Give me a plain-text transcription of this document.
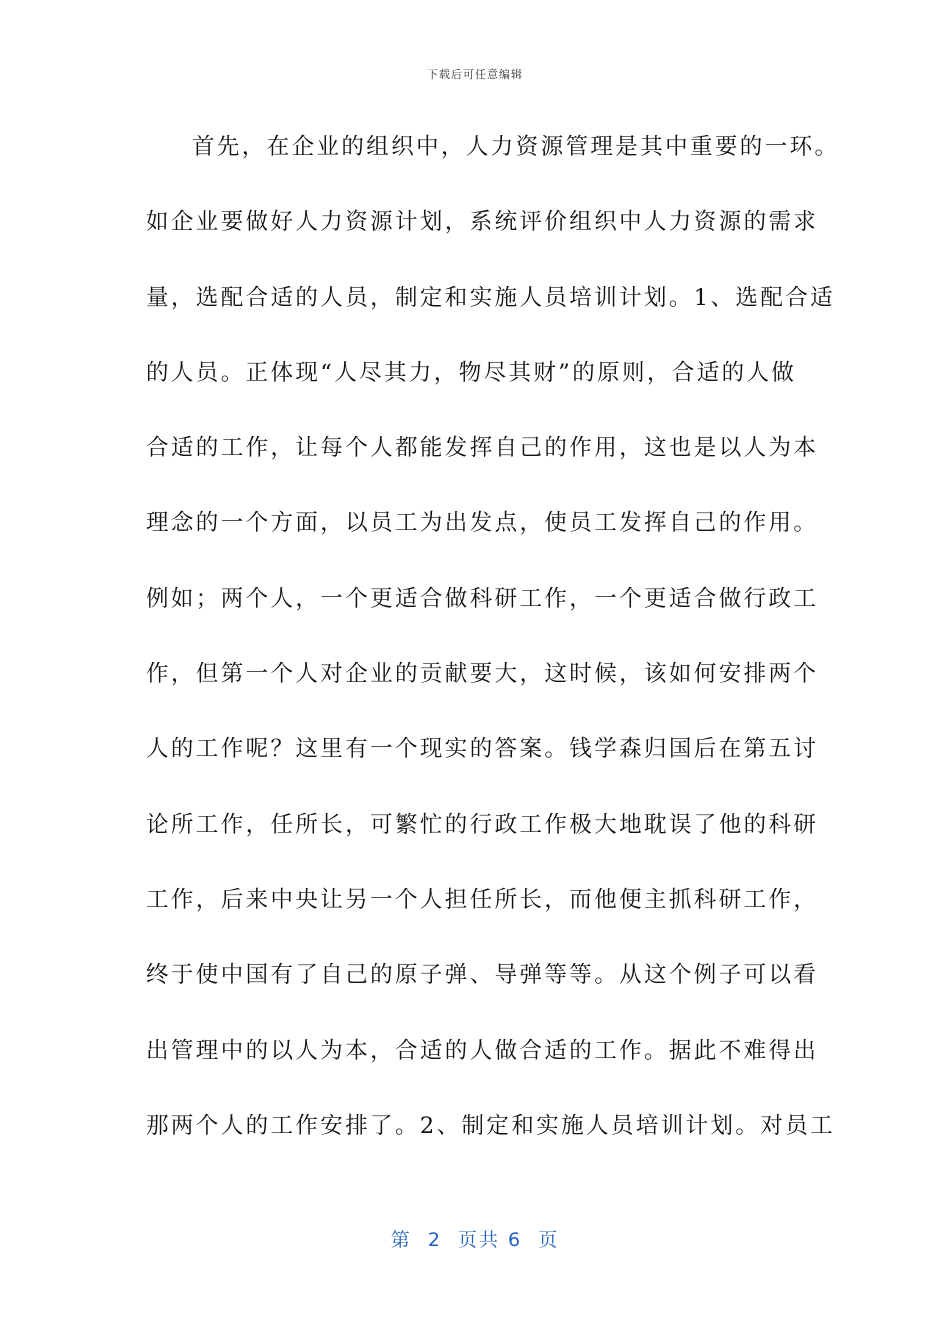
下载后可任意编辑
首先，在企业的组织中，人力资源管理是其中重要的一环。
如企业要做好人力资源计划，系统评价组织中人力资源的需求
量，选配合适的人员，制定和实施人员培训计划。1、选配合适
的人员。正体现“人尽其力，物尽其财”的原则，合适的人做
合适的工作，让每个人都能发挥自己的作用，这也是以人为本
理念的一个方面，以员工为出发点，使员工发挥自己的作用。
例如；两个人，一个更适合做科研工作，一个更适合做行政工
作，但第一个人对企业的贡献要大，这时候，该如何安排两个
人的工作呢？这里有一个现实的答案。钱学森归国后在第五讨
论所工作，任所长，可繁忙的行政工作极大地耽误了他的科研
工作，后来中央让另一个人担任所长，而他便主抓科研工作，
终于使中国有了自己的原子弹、导弹等等。从这个例子可以看
出管理中的以人为本，合适的人做合适的工作。据此不难得出
那两个人的工作安排了。2、制定和实施人员培训计划。对员工
第  2  页共 6  页
